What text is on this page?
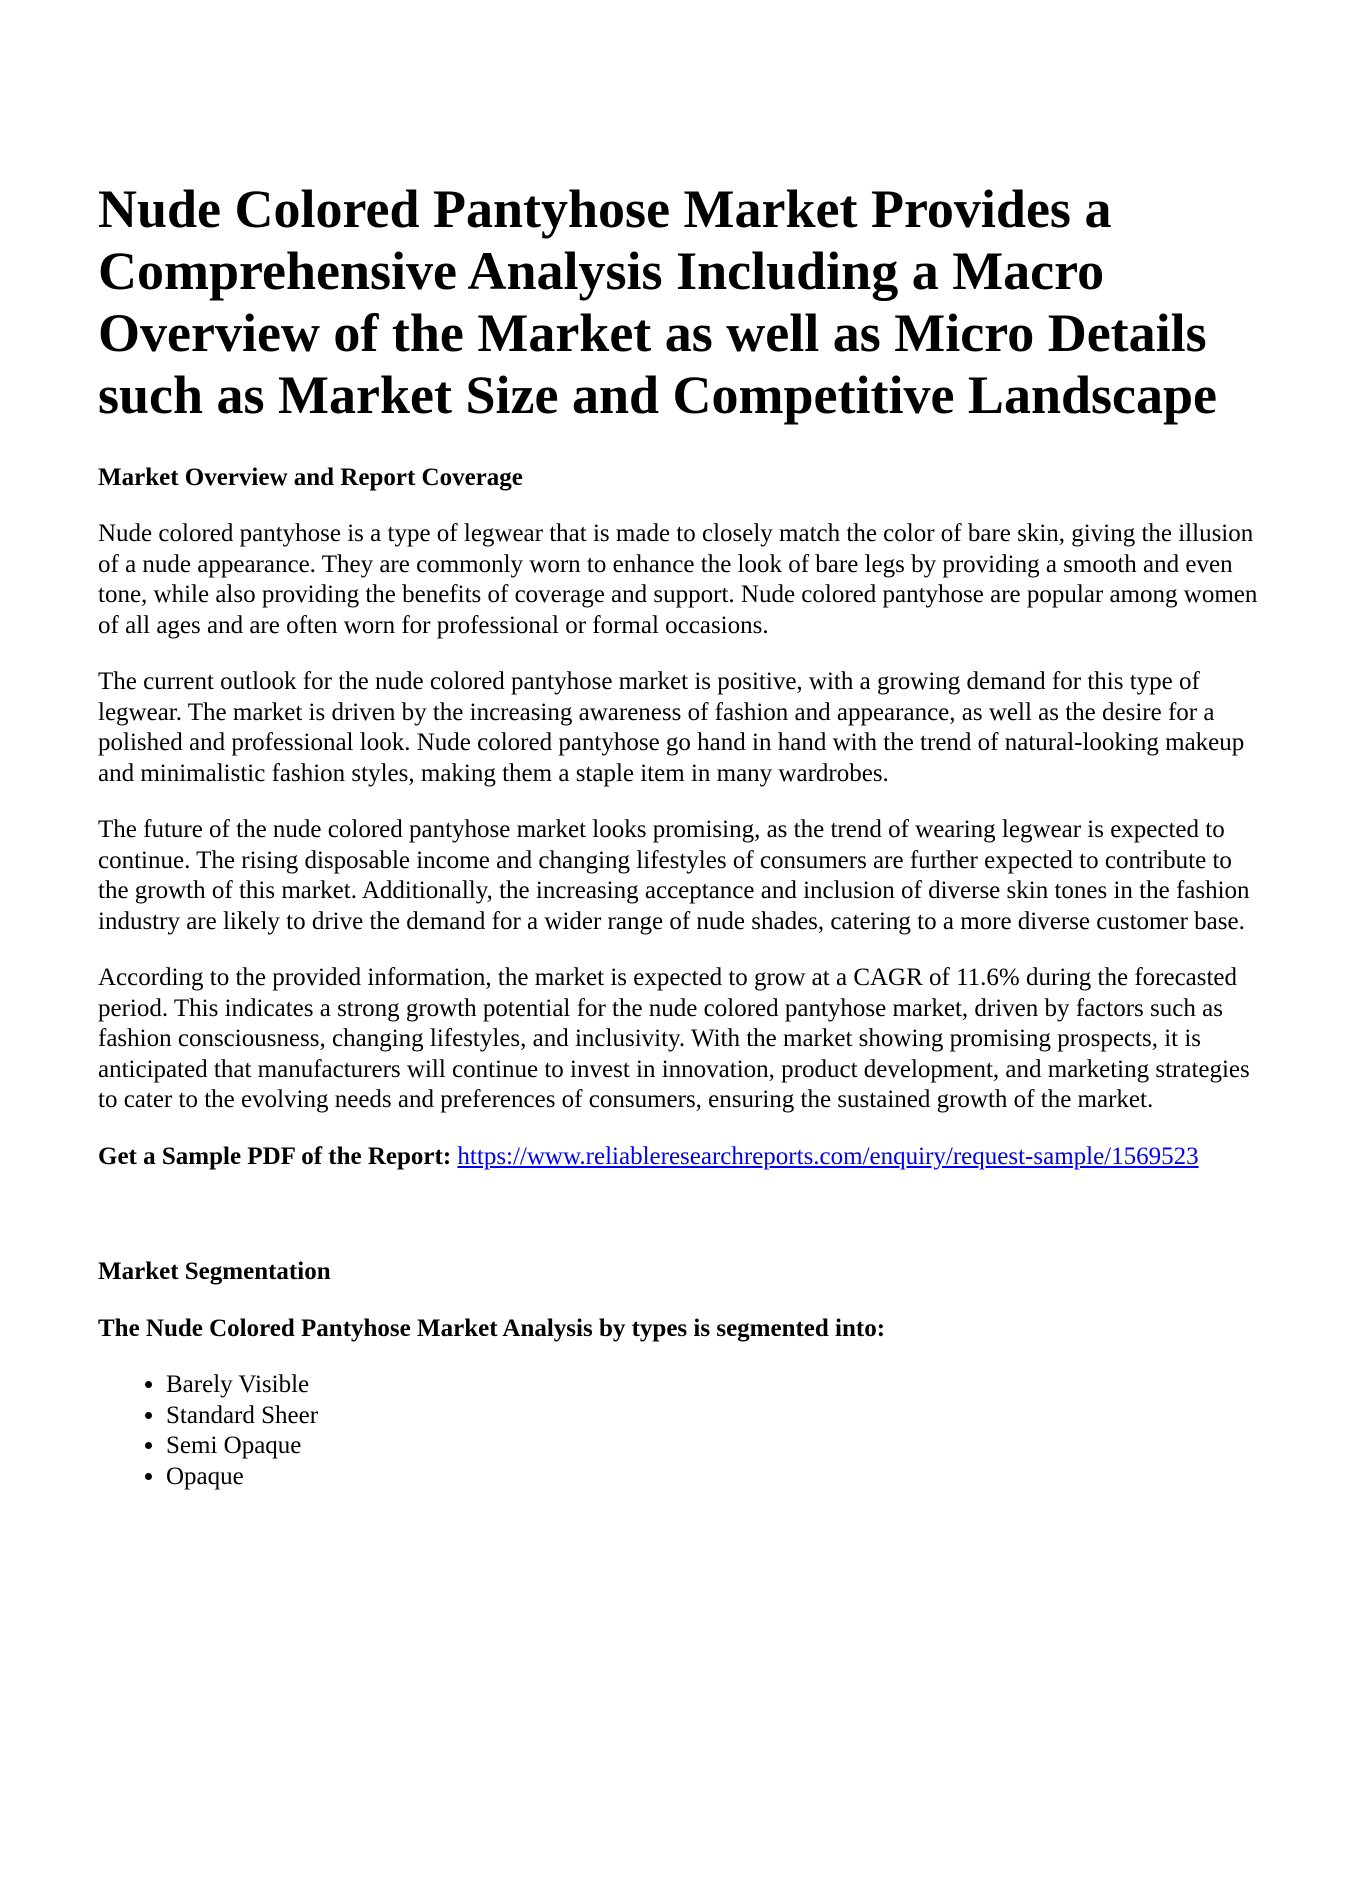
Nude Colored Pantyhose Market Provides a Comprehensive Analysis Including a Macro Overview of the Market as well as Micro Details such as Market Size and Competitive Landscape
Market Overview and Report Coverage

Nude colored pantyhose is a type of legwear that is made to closely match the color of bare skin, giving the illusion of a nude appearance. They are commonly worn to enhance the look of bare legs by providing a smooth and even tone, while also providing the benefits of coverage and support. Nude colored pantyhose are popular among women of all ages and are often worn for professional or formal occasions.

The current outlook for the nude colored pantyhose market is positive, with a growing demand for this type of legwear. The market is driven by the increasing awareness of fashion and appearance, as well as the desire for a polished and professional look. Nude colored pantyhose go hand in hand with the trend of natural-looking makeup and minimalistic fashion styles, making them a staple item in many wardrobes.

The future of the nude colored pantyhose market looks promising, as the trend of wearing legwear is expected to continue. The rising disposable income and changing lifestyles of consumers are further expected to contribute to the growth of this market. Additionally, the increasing acceptance and inclusion of diverse skin tones in the fashion industry are likely to drive the demand for a wider range of nude shades, catering to a more diverse customer base.

According to the provided information, the market is expected to grow at a CAGR of 11.6% during the forecasted period. This indicates a strong growth potential for the nude colored pantyhose market, driven by factors such as fashion consciousness, changing lifestyles, and inclusivity. With the market showing promising prospects, it is anticipated that manufacturers will continue to invest in innovation, product development, and marketing strategies to cater to the evolving needs and preferences of consumers, ensuring the sustained growth of the market.

Get a Sample PDF of the Report: https://www.reliableresearchreports.com/enquiry/request-sample/1569523

Market Segmentation
The Nude Colored Pantyhose Market Analysis by types is segmented into:
• Barely Visible
• Standard Sheer
• Semi Opaque
• Opaque
